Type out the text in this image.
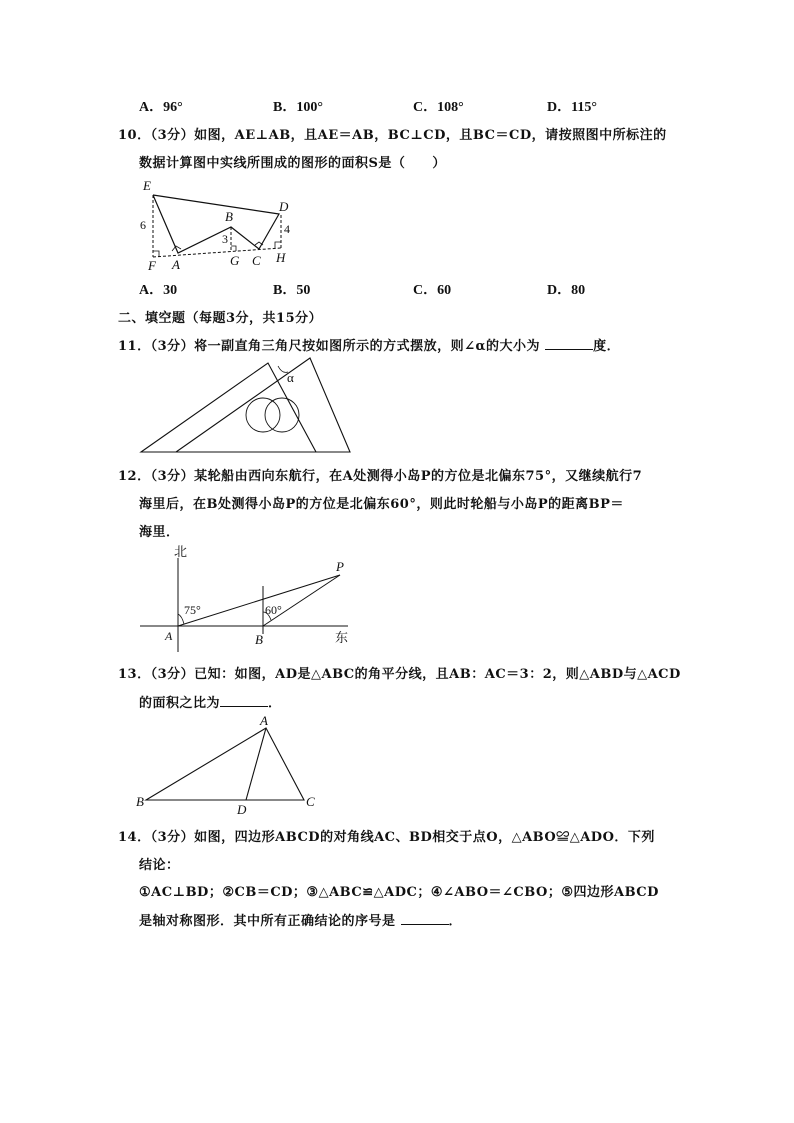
A．96°	B．100°	C．108°	D．115°
10．（3分）如图，AE⊥AB，且AE＝AB，BC⊥CD，且BC＝CD，请按照图中所标注的
数据计算图中实线所围成的图形的面积S是（　　）
E
B
D
6
3
4
F A	G C H
A．30	B．50	C．60	D．80
二、填空题（每题3分，共15分）
11．（3分）将一副直角三角尺按如图所示的方式摆放，则∠α的大小为	度．
α
12．（3分）某轮船由西向东航行，在A处测得小岛P的方位是北偏东75°，又继续航行7
海里后，在B处测得小岛P的方位是北偏东60°，则此时轮船与小岛P的距离BP＝
海里．
北
P
75°	60°
A	B	东
13．（3分）已知：如图，AD是△ABC的角平分线，且AB：AC＝3：2，则△ABD与△ACD
的面积之比为	．
A
B
D
C
14．（3分）如图，四边形ABCD的对角线AC、BD相交于点O，△ABO≌△ADO．下列
结论：
①AC⊥BD；②CB＝CD；③△ABC≌△ADC；④∠ABO＝∠CBO；⑤四边形ABCD
是轴对称图形．其中所有正确结论的序号是	．
